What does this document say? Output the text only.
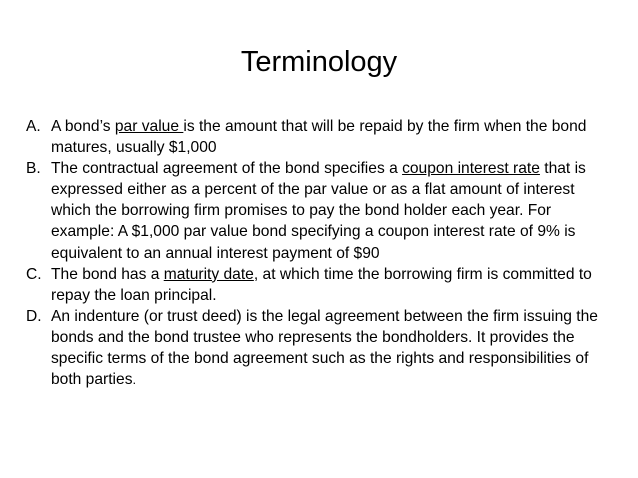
Terminology
A. A bond’s par value is the amount that will be repaid by the firm when the bond matures, usually $1,000
B. The contractual agreement of the bond specifies a coupon interest rate that is expressed either as a percent of the par value or as a flat amount of interest which the borrowing firm promises to pay the bond holder each year. For example: A $1,000 par value bond specifying a coupon interest rate of 9% is equivalent to an annual interest payment of $90
C. The bond has a maturity date, at which time the borrowing firm is committed to repay the loan principal.
D. An indenture (or trust deed) is the legal agreement between the firm issuing the bonds and the bond trustee who represents the bondholders. It provides the specific terms of the bond agreement such as the rights and responsibilities of both parties.
